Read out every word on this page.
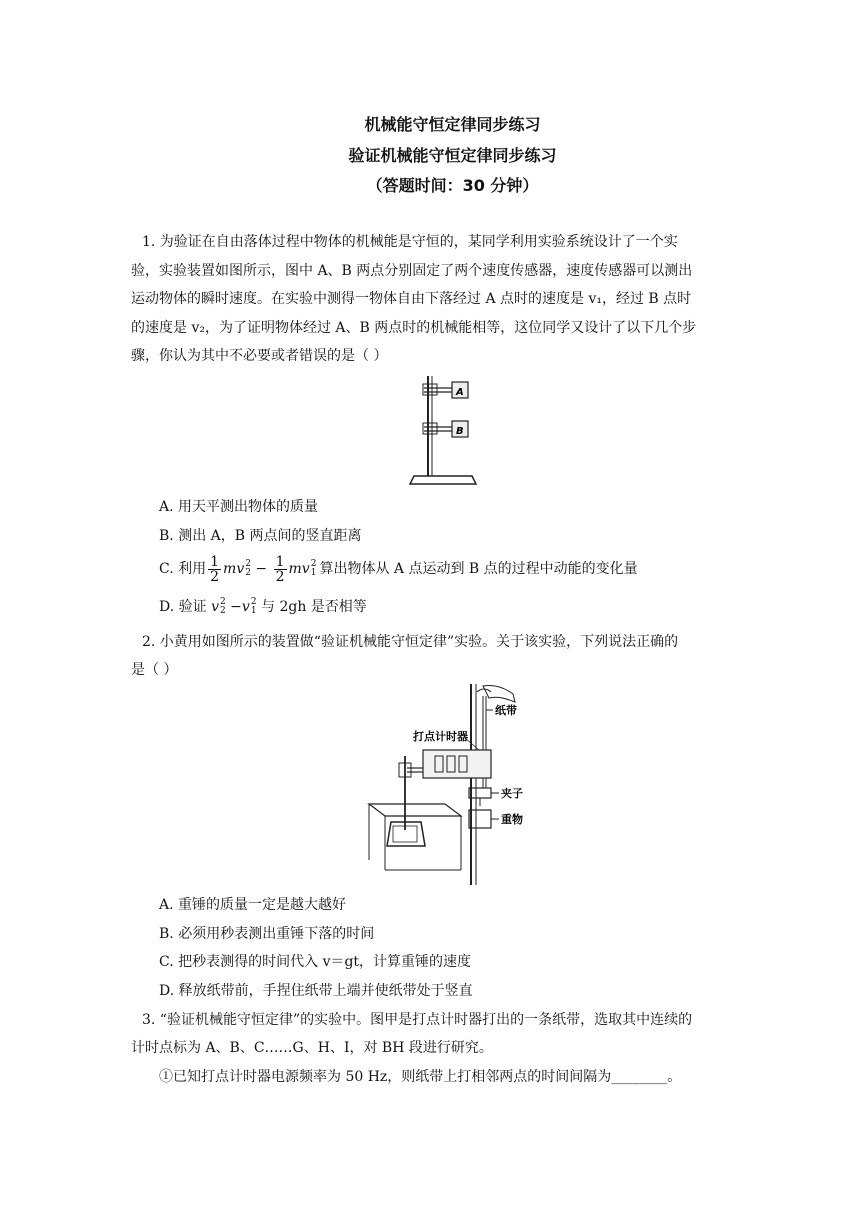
机械能守恒定律同步练习
验证机械能守恒定律同步练习
（答题时间：30 分钟）
1. 为验证在自由落体过程中物体的机械能是守恒的，某同学利用实验系统设计了一个实
验，实验装置如图所示，图中 A、B 两点分别固定了两个速度传感器，速度传感器可以测出
运动物体的瞬时速度。在实验中测得一物体自由下落经过 A 点时的速度是 v₁，经过 B 点时
的速度是 v₂，为了证明物体经过 A、B 两点时的机械能相等，这位同学又设计了以下几个步
骤，你认为其中不必要或者错误的是（ ）
A
B
A. 用天平测出物体的质量
B. 测出 A，B 两点间的竖直距离
C. 利用 $\frac{1}{2}$ mv 2
$2 - \frac{1}{2}$ mv 2
1 算出物体从 A 点运动到 B 点的过程中动能的变化量
D. 验证 v 2
2 −v 2
1 与 2gh 是否相等
2. 小黄用如图所示的装置做“验证机械能守恒定律”实验。关于该实验，下列说法正确的
是（ ）
纸带
打点计时器
夹子
重物
A. 重锤的质量一定是越大越好
B. 必须用秒表测出重锤下落的时间
C. 把秒表测得的时间代入 v＝gt，计算重锤的速度
D. 释放纸带前，手捏住纸带上端并使纸带处于竖直
3. “验证机械能守恒定律”的实验中。图甲是打点计时器打出的一条纸带，选取其中连续的
计时点标为 A、B、C……G、H、I，对 BH 段进行研究。
①已知打点计时器电源频率为 50 Hz，则纸带上打相邻两点的时间间隔为________。
